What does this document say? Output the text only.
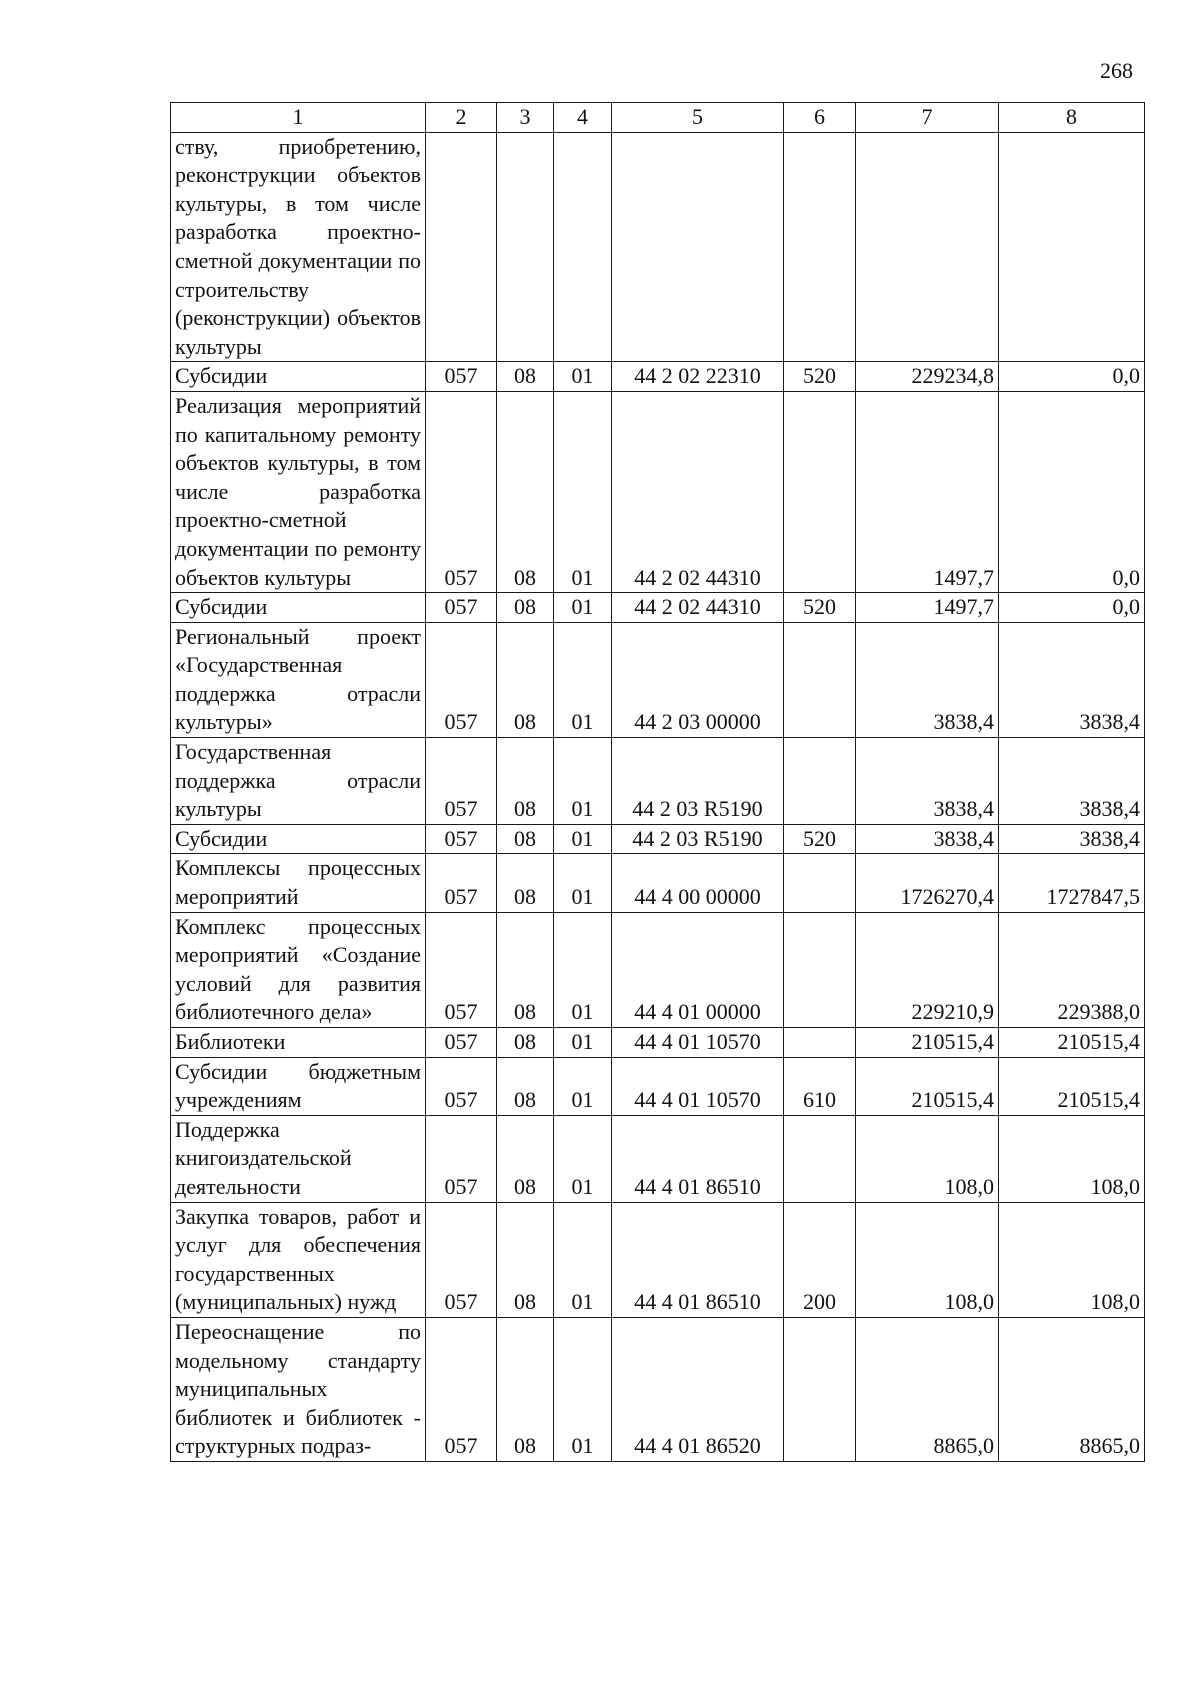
268
1	2	3	4	5	6	7	8
ству, приобретению, реконструкции объектов культуры, в том числе разработка проектно-сметной документации по строительству (реконструкции) объектов культуры							
Субсидии	057	08	01	44 2 02 22310	520	229234,8	0,0
Реализация мероприятий по капитальному ремонту объектов культуры, в том числе разработка проектно-сметной документации по ремонту объектов культуры	057	08	01	44 2 02 44310		1497,7	0,0
Субсидии	057	08	01	44 2 02 44310	520	1497,7	0,0
Региональный проект «Государственная поддержка отрасли культуры»	057	08	01	44 2 03 00000		3838,4	3838,4
Государственная поддержка отрасли культуры	057	08	01	44 2 03 R5190		3838,4	3838,4
Субсидии	057	08	01	44 2 03 R5190	520	3838,4	3838,4
Комплексы процессных мероприятий	057	08	01	44 4 00 00000		1726270,4	1727847,5
Комплекс процессных мероприятий «Создание условий для развития библиотечного дела»	057	08	01	44 4 01 00000		229210,9	229388,0
Библиотеки	057	08	01	44 4 01 10570		210515,4	210515,4
Субсидии бюджетным учреждениям	057	08	01	44 4 01 10570	610	210515,4	210515,4
Поддержка книгоиздательской деятельности	057	08	01	44 4 01 86510		108,0	108,0
Закупка товаров, работ и услуг для обеспечения государственных (муниципальных) нужд	057	08	01	44 4 01 86510	200	108,0	108,0
Переоснащение по модельному стандарту муниципальных библиотек и библиотек - структурных подраз-	057	08	01	44 4 01 86520		8865,0	8865,0
